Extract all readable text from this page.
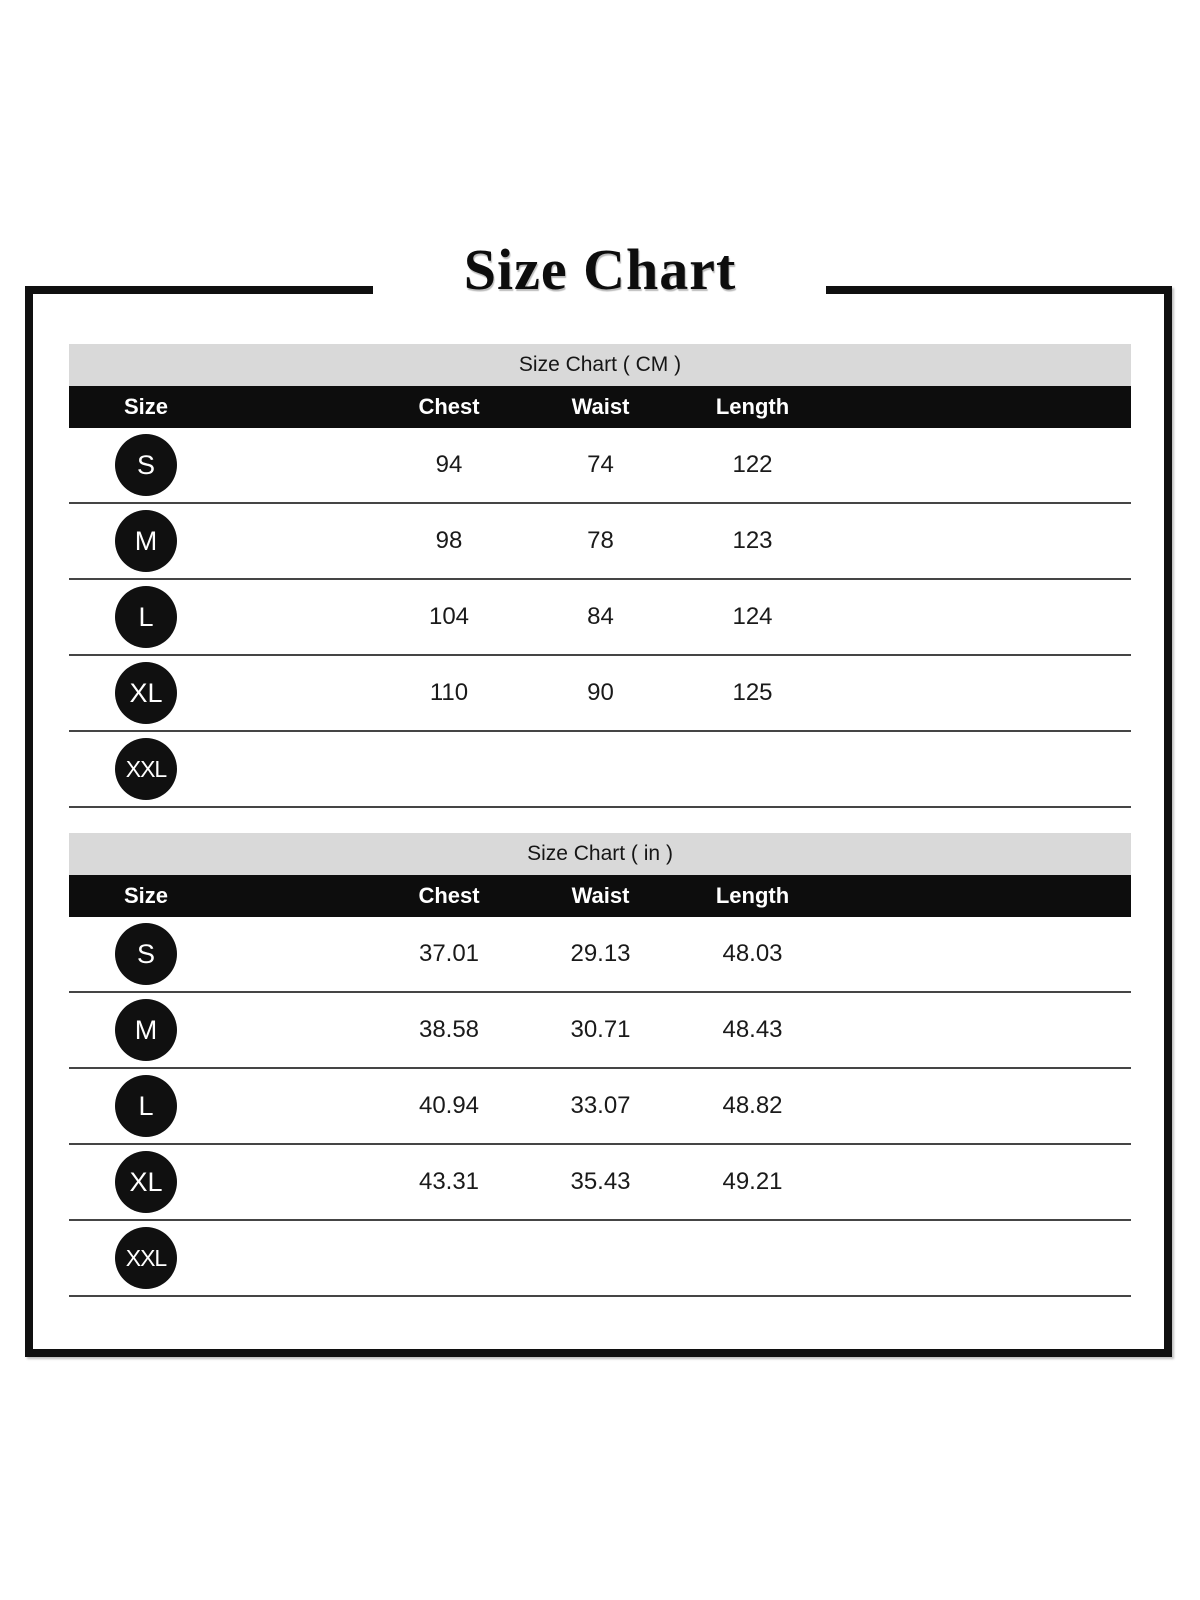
Size Chart
Size Chart ( CM )
Size	Chest	Waist	Length
S	94	74	122
M	98	78	123
L	104	84	124
XL	110	90	125
XXL
Size Chart ( in )
Size	Chest	Waist	Length
S	37.01	29.13	48.03
M	38.58	30.71	48.43
L	40.94	33.07	48.82
XL	43.31	35.43	49.21
XXL
